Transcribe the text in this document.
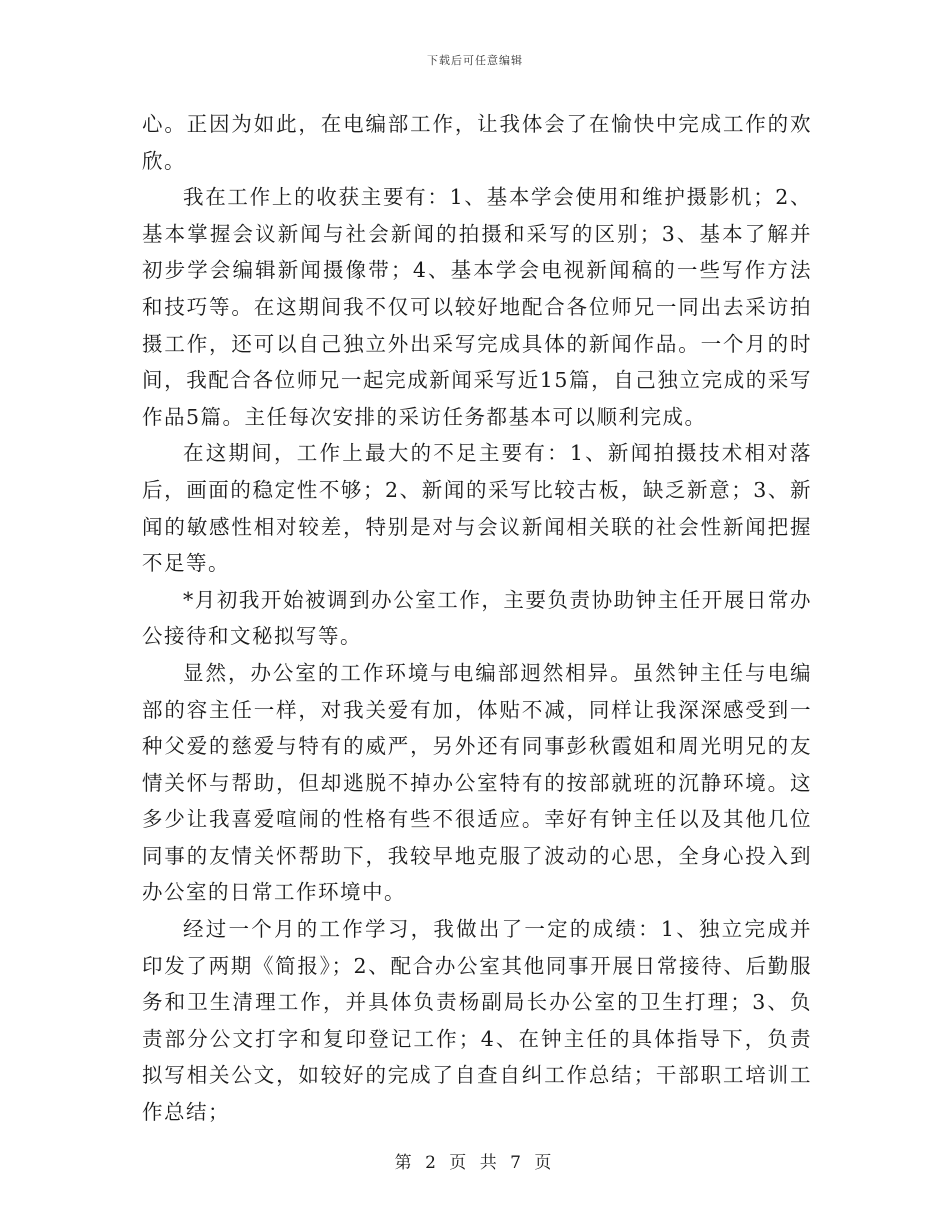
下载后可任意编辑

心。正因为如此，在电编部工作，让我体会了在愉快中完成工作的欢欣。

我在工作上的收获主要有：1、基本学会使用和维护摄影机；2、基本掌握会议新闻与社会新闻的拍摄和采写的区别；3、基本了解并初步学会编辑新闻摄像带；4、基本学会电视新闻稿的一些写作方法和技巧等。在这期间我不仅可以较好地配合各位师兄一同出去采访拍摄工作，还可以自己独立外出采写完成具体的新闻作品。一个月的时间，我配合各位师兄一起完成新闻采写近15篇，自己独立完成的采写作品5篇。主任每次安排的采访任务都基本可以顺利完成。

在这期间，工作上最大的不足主要有：1、新闻拍摄技术相对落后，画面的稳定性不够；2、新闻的采写比较古板，缺乏新意；3、新闻的敏感性相对较差，特别是对与会议新闻相关联的社会性新闻把握不足等。

*月初我开始被调到办公室工作，主要负责协助钟主任开展日常办公接待和文秘拟写等。

显然，办公室的工作环境与电编部迥然相异。虽然钟主任与电编部的容主任一样，对我关爱有加，体贴不减，同样让我深深感受到一种父爱的慈爱与特有的威严，另外还有同事彭秋霞姐和周光明兄的友情关怀与帮助，但却逃脱不掉办公室特有的按部就班的沉静环境。这多少让我喜爱喧闹的性格有些不很适应。幸好有钟主任以及其他几位同事的友情关怀帮助下，我较早地克服了波动的心思，全身心投入到办公室的日常工作环境中。

经过一个月的工作学习，我做出了一定的成绩：1、独立完成并印发了两期《简报》；2、配合办公室其他同事开展日常接待、后勤服务和卫生清理工作，并具体负责杨副局长办公室的卫生打理；3、负责部分公文打字和复印登记工作；4、在钟主任的具体指导下，负责拟写相关公文，如较好的完成了自查自纠工作总结；干部职工培训工作总结；

第 2 页 共 7 页
